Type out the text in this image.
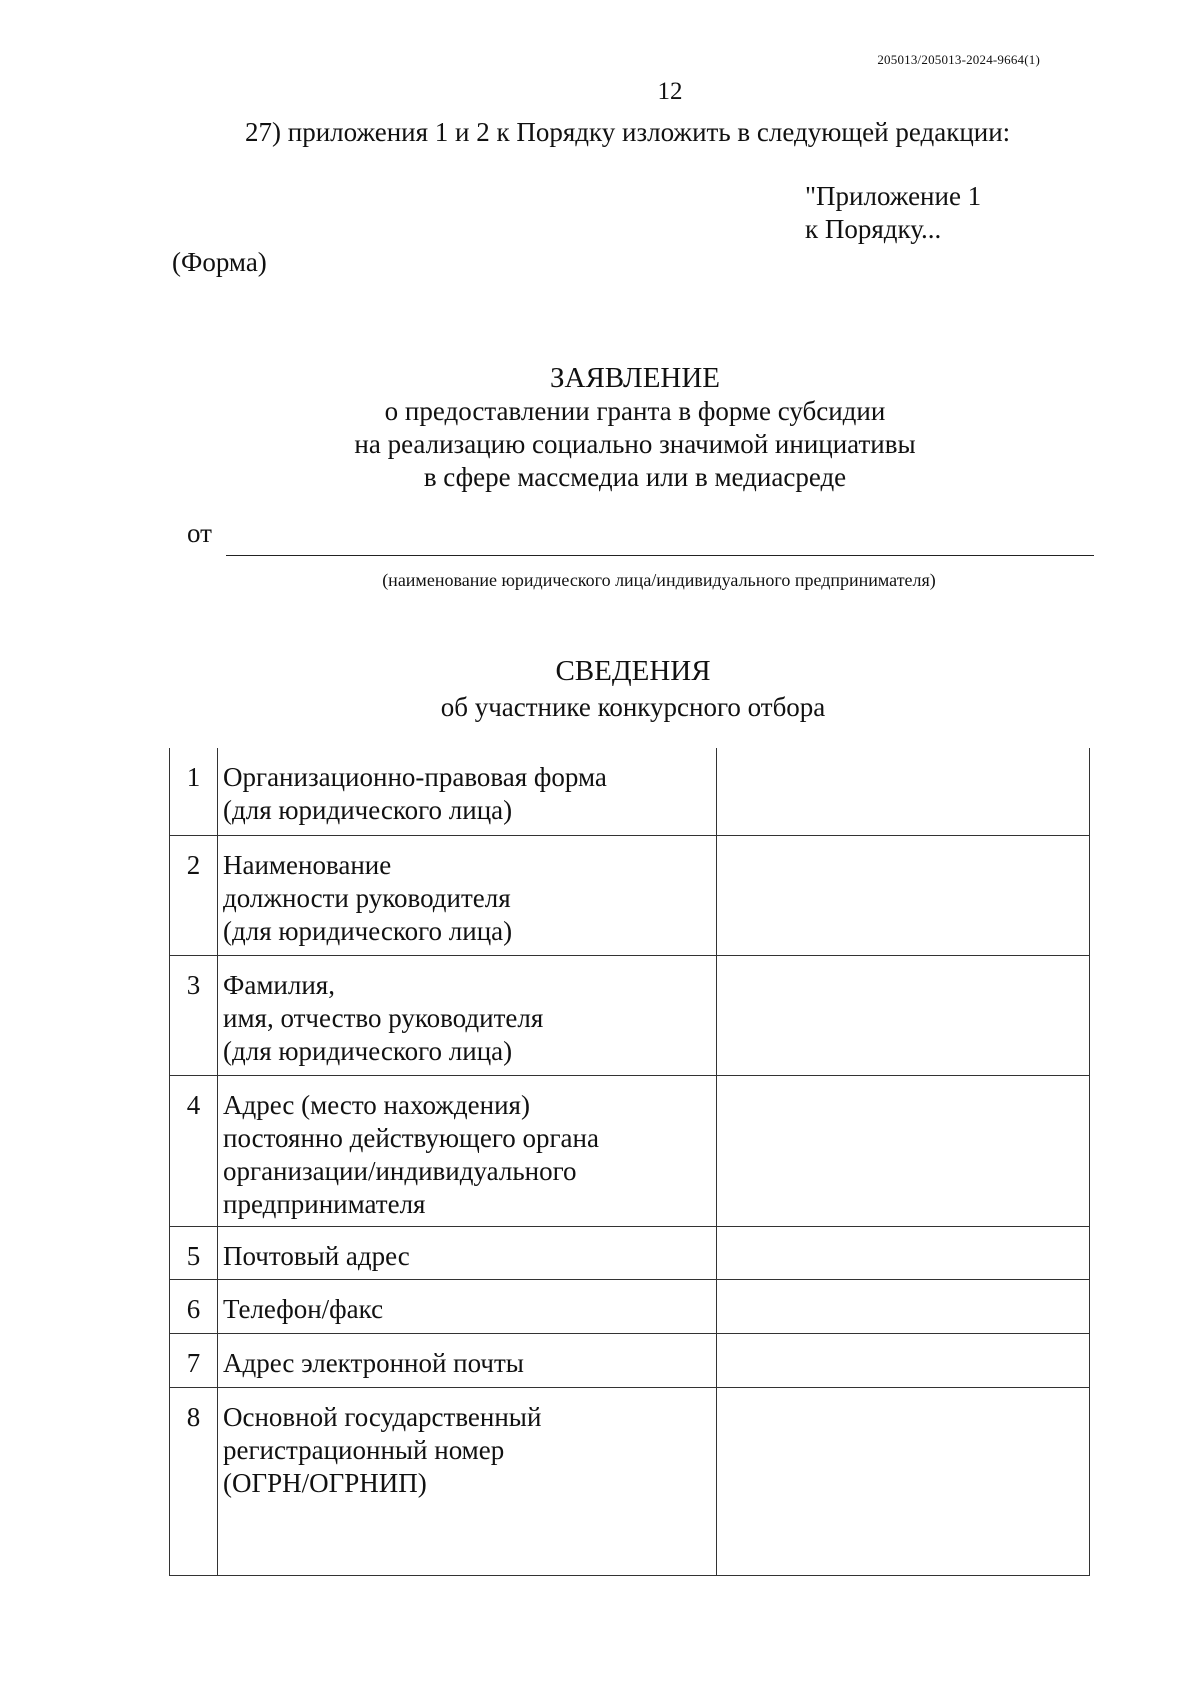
205013/205013-2024-9664(1)
12
27) приложения 1 и 2 к Порядку изложить в следующей редакции:
"Приложение 1
к Порядку...
(Форма)
ЗАЯВЛЕНИЕ
о предоставлении гранта в форме субсидии
на реализацию социально значимой инициативы
в сфере массмедиа или в медиасреде
от
(наименование юридического лица/индивидуального предпринимателя)
СВЕДЕНИЯ
об участнике конкурсного отбора
1	Организационно-правовая форма
(для юридического лица)	

2	Наименование
должности руководителя
(для юридического лица)	

3	Фамилия,
имя, отчество руководителя
(для юридического лица)	

4	Адрес (место нахождения)
постоянно действующего органа
организации/индивидуального
предпринимателя	

5	Почтовый адрес	

6	Телефон/факс	

7	Адрес электронной почты	

8	Основной государственный
регистрационный номер
(ОГРН/ОГРНИП)	
